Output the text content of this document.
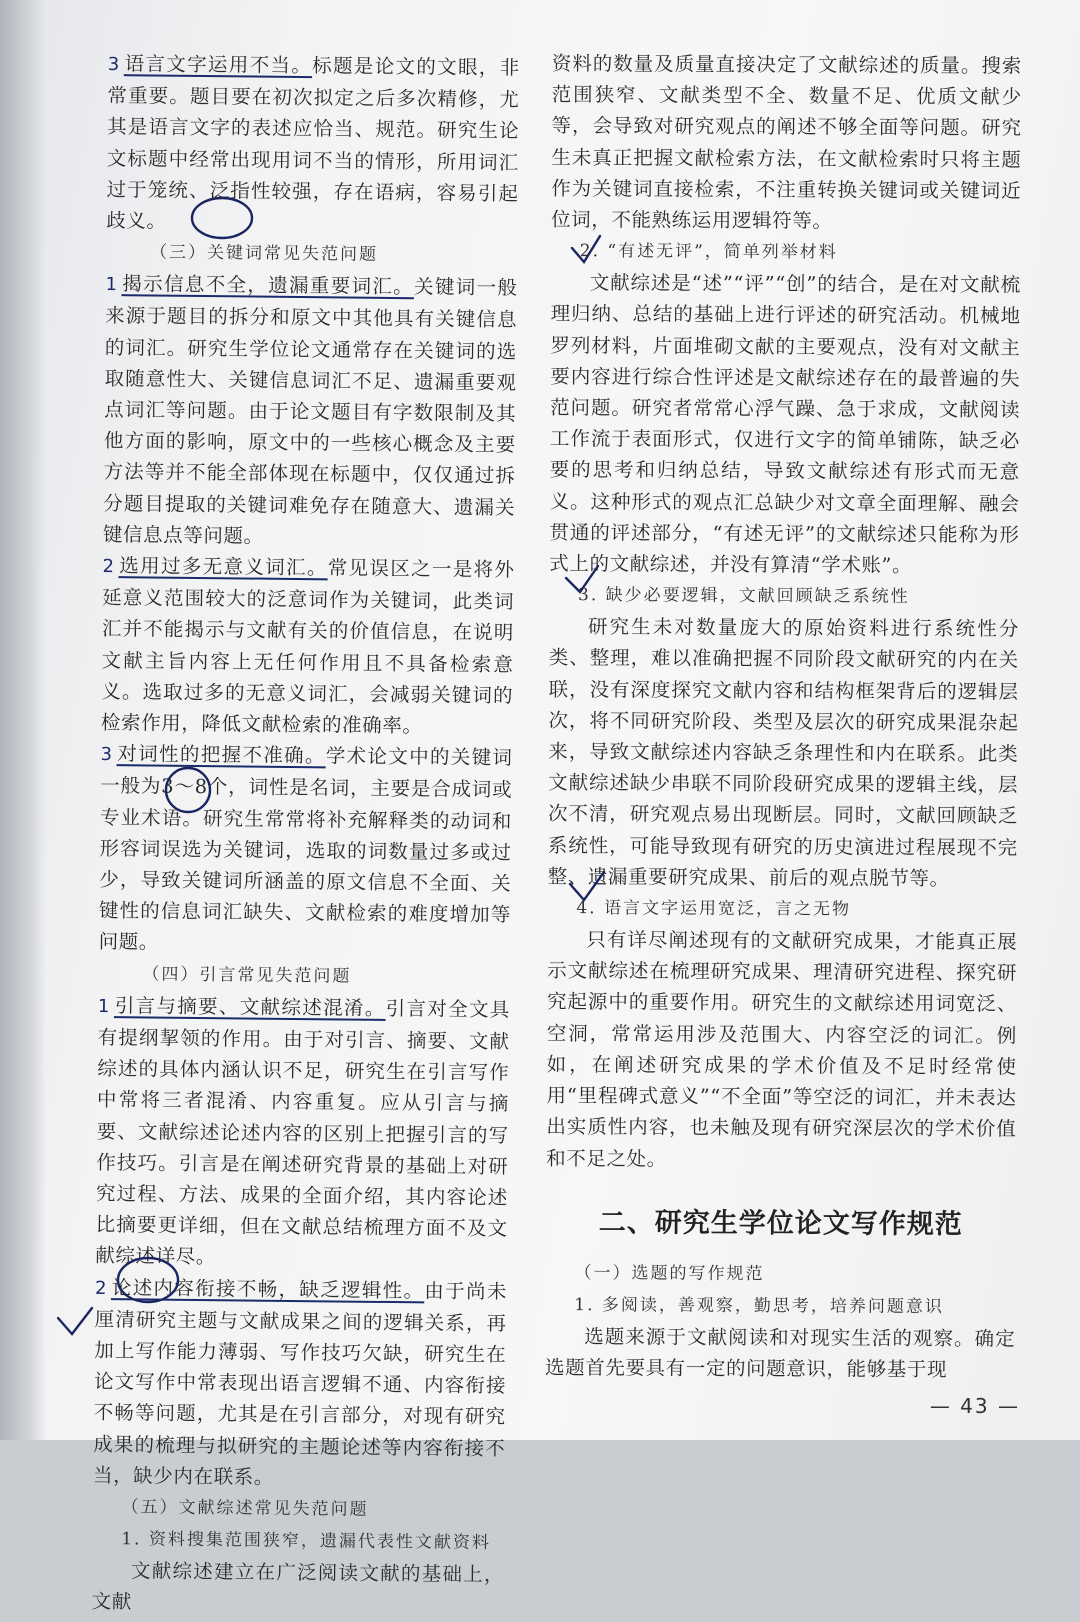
3 语言文字运用不当。标题是论文的文眼，非常重要。题目要在初次拟定之后多次精修，尤其是语言文字的表述应恰当、规范。研究生论文标题中经常出现用词不当的情形，所用词汇过于笼统、泛指性较强，存在语病，容易引起歧义。

（三）关键词常见失范问题

1 揭示信息不全，遗漏重要词汇。关键词一般来源于题目的拆分和原文中其他具有关键信息的词汇。研究生学位论文通常存在关键词的选取随意性大、关键信息词汇不足、遗漏重要观点词汇等问题。由于论文题目有字数限制及其他方面的影响，原文中的一些核心概念及主要方法等并不能全部体现在标题中，仅仅通过拆分题目提取的关键词难免存在随意大、遗漏关键信息点等问题。

2 选用过多无意义词汇。常见误区之一是将外延意义范围较大的泛意词作为关键词，此类词汇并不能揭示与文献有关的价值信息，在说明文献主旨内容上无任何作用且不具备检索意义。选取过多的无意义词汇，会减弱关键词的检索作用，降低文献检索的准确率。

3 对词性的把握不准确。学术论文中的关键词一般为3～8个，词性是名词，主要是合成词或专业术语。研究生常常将补充解释类的动词和形容词误选为关键词，选取的词数量过多或过少，导致关键词所涵盖的原文信息不全面、关键性的信息词汇缺失、文献检索的难度增加等问题。

（四）引言常见失范问题

1 引言与摘要、文献综述混淆。引言对全文具有提纲挈领的作用。由于对引言、摘要、文献综述的具体内涵认识不足，研究生在引言写作中常将三者混淆、内容重复。应从引言与摘要、文献综述论述内容的区别上把握引言的写作技巧。引言是在阐述研究背景的基础上对研究过程、方法、成果的全面介绍，其内容论述比摘要更详细，但在文献总结梳理方面不及文献综述详尽。

2 论述内容衔接不畅，缺乏逻辑性。由于尚未厘清研究主题与文献成果之间的逻辑关系，再加上写作能力薄弱、写作技巧欠缺，研究生在论文写作中常表现出语言逻辑不通、内容衔接不畅等问题，尤其是在引言部分，对现有研究成果的梳理与拟研究的主题论述等内容衔接不当，缺少内在联系。

（五）文献综述常见失范问题

1. 资料搜集范围狭窄，遗漏代表性文献资料

文献综述建立在广泛阅读文献的基础上，文献

资料的数量及质量直接决定了文献综述的质量。搜索范围狭窄、文献类型不全、数量不足、优质文献少等，会导致对研究观点的阐述不够全面等问题。研究生未真正把握文献检索方法，在文献检索时只将主题作为关键词直接检索，不注重转换关键词或关键词近位词，不能熟练运用逻辑符等。

2. “有述无评”，简单列举材料

文献综述是“述”“评”“创”的结合，是在对文献梳理归纳、总结的基础上进行评述的研究活动。机械地罗列材料，片面堆砌文献的主要观点，没有对文献主要内容进行综合性评述是文献综述存在的最普遍的失范问题。研究者常常心浮气躁、急于求成，文献阅读工作流于表面形式，仅进行文字的简单铺陈，缺乏必要的思考和归纳总结，导致文献综述有形式而无意义。这种形式的观点汇总缺少对文章全面理解、融会贯通的评述部分，“有述无评”的文献综述只能称为形式上的文献综述，并没有算清“学术账”。

3. 缺少必要逻辑，文献回顾缺乏系统性

研究生未对数量庞大的原始资料进行系统性分类、整理，难以准确把握不同阶段文献研究的内在关联，没有深度探究文献内容和结构框架背后的逻辑层次，将不同研究阶段、类型及层次的研究成果混杂起来，导致文献综述内容缺乏条理性和内在联系。此类文献综述缺少串联不同阶段研究成果的逻辑主线，层次不清，研究观点易出现断层。同时，文献回顾缺乏系统性，可能导致现有研究的历史演进过程展现不完整、遗漏重要研究成果、前后的观点脱节等。

4. 语言文字运用宽泛，言之无物

只有详尽阐述现有的文献研究成果，才能真正展示文献综述在梳理研究成果、理清研究进程、探究研究起源中的重要作用。研究生的文献综述用词宽泛、空洞，常常运用涉及范围大、内容空泛的词汇。例如，在阐述研究成果的学术价值及不足时经常使用“里程碑式意义”“不全面”等空泛的词汇，并未表达出实质性内容，也未触及现有研究深层次的学术价值和不足之处。

二、研究生学位论文写作规范

（一）选题的写作规范

1. 多阅读，善观察，勤思考，培养问题意识

选题来源于文献阅读和对现实生活的观察。确定选题首先要具有一定的问题意识，能够基于现

— 43 —
